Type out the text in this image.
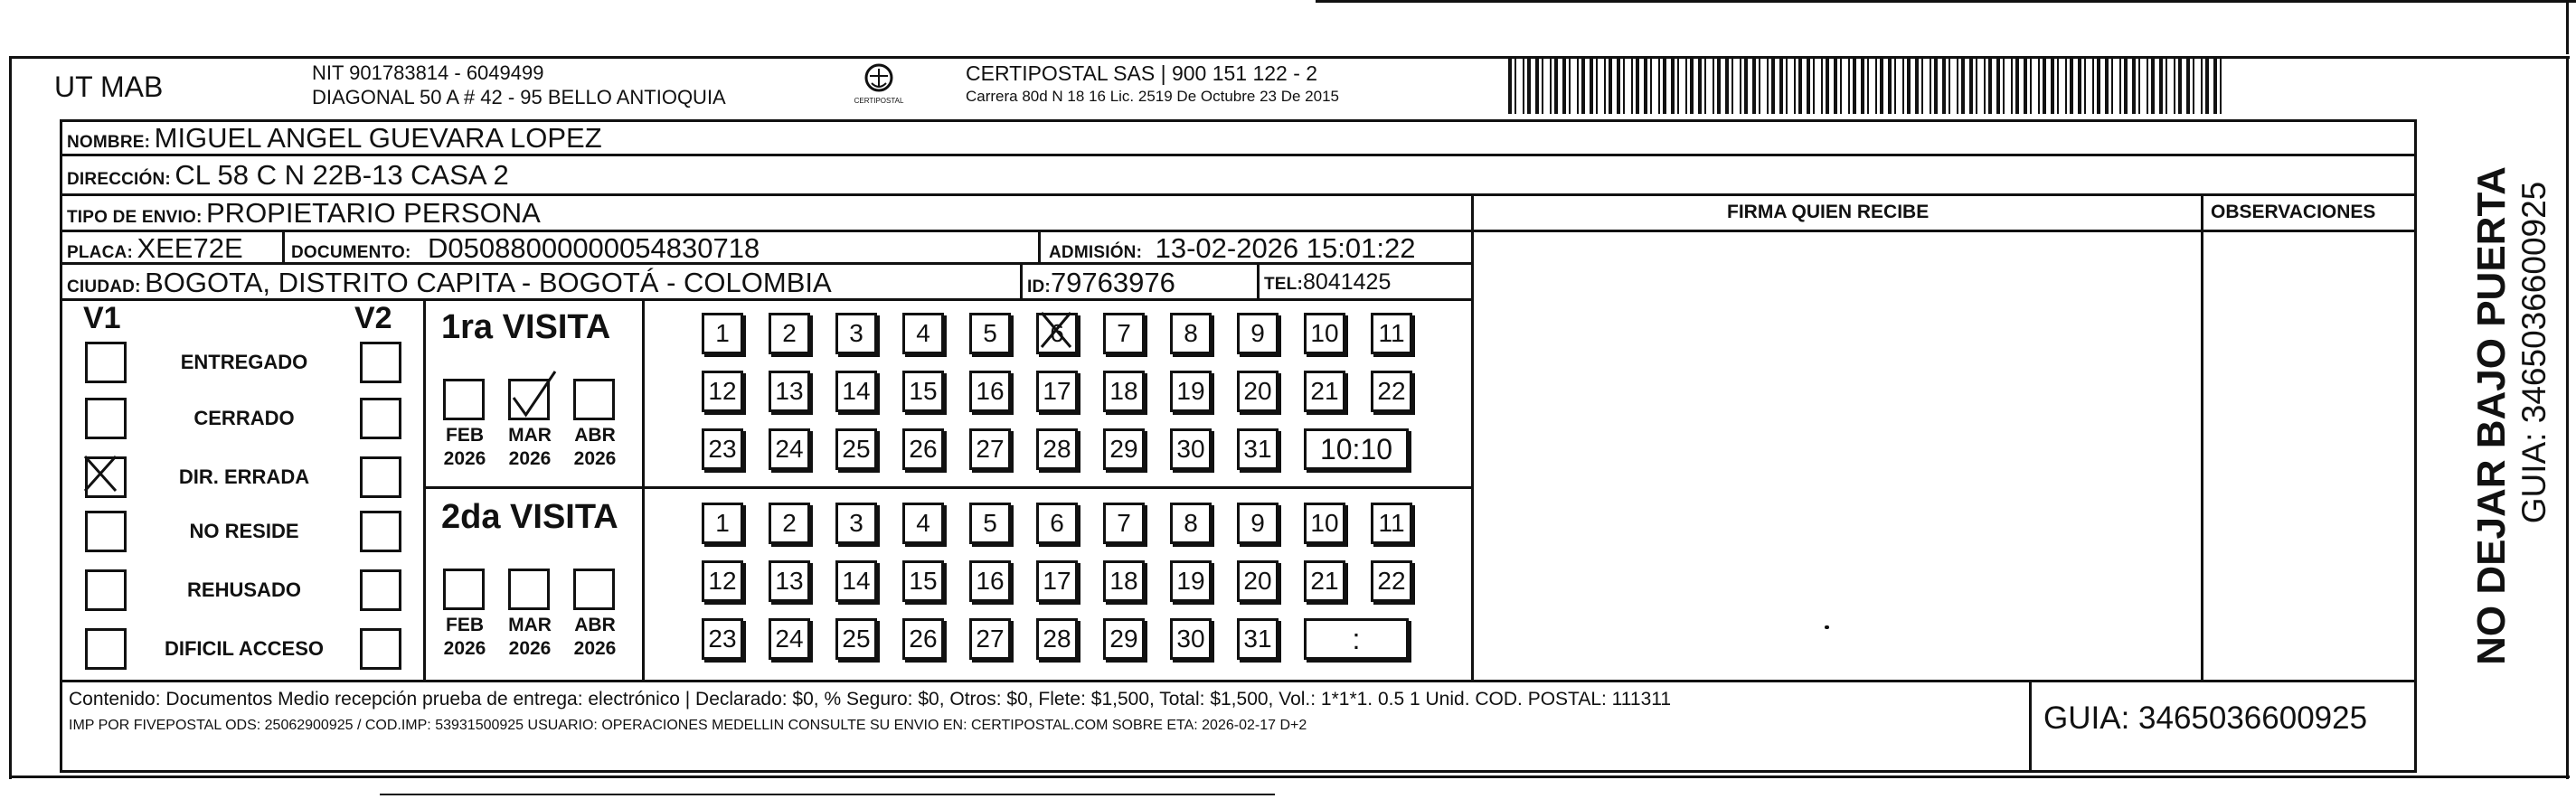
UT MAB	NIT 901783814 - 6049499
DIAGONAL 50 A # 42 - 95 BELLO ANTIOQUIA	CERTIPOSTAL
CERTIPOSTAL SAS | 900 151 122 - 2
Carrera 80d N 18 16 Lic. 2519 De Octubre 23 De 2015
NOMBRE: MIGUEL ANGEL GUEVARA LOPEZ
DIRECCIÓN: CL 58 C N 22B-13 CASA 2
TIPO DE ENVIO: PROPIETARIO PERSONA	FIRMA QUIEN RECIBE	OBSERVACIONES
PLACA: XEE72E	DOCUMENTO: D05088000000054830718	ADMISIÓN: 13-02-2026 15:01:22
CIUDAD: BOGOTA, DISTRITO CAPITA - BOGOTÁ - COLOMBIA	ID:79763976	TEL:8041425
V1	V2
ENTREGADO
CERRADO
DIR. ERRADA
NO RESIDE
REHUSADO
DIFICIL ACCESO
1ra VISITA
FEB
2026
MAR
2026
ABR
2026
1	2	3	4	5	6	7	8	9	10	11
12 13 14 15 16 17 18 19 20 21 22
23 24 25 26 27 28 29 30 31	10:10
2da VISITA
FEB
2026
MAR
2026
ABR
2026
1	2	3	4	5	6	7	8	9	10	11
12 13 14 15 16 17 18 19 20 21 22
23 24 25 26 27 28 29 30 31	:
Contenido: Documentos Medio recepción prueba de entrega: electrónico | Declarado: $0, % Seguro: $0, Otros: $0, Flete: $1,500, Total: $1,500, Vol.: 1*1*1. 0.5 1 Unid. COD. POSTAL: 111311
IMP POR FIVEPOSTAL ODS: 25062900925 / COD.IMP: 53931500925 USUARIO: OPERACIONES MEDELLIN CONSULTE SU ENVIO EN: CERTIPOSTAL.COM SOBRE ETA: 2026-02-17 D+2	GUIA: 3465036600925
NO DEJAR BAJO PUERTA GUIA: 3465036600925
